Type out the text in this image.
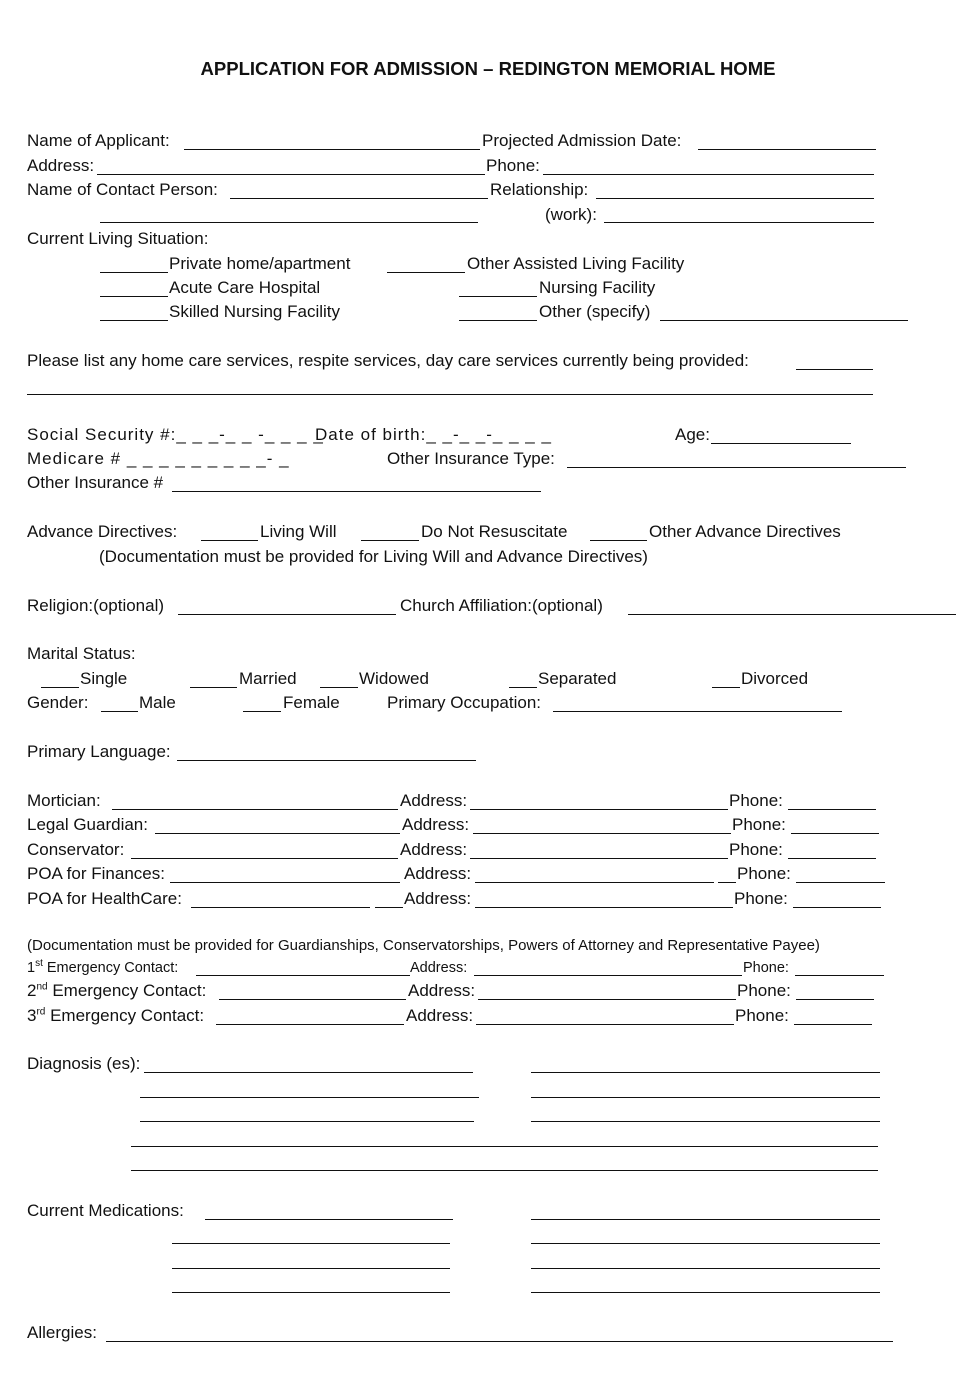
APPLICATION FOR ADMISSION – REDINGTON MEMORIAL HOME
Name of Applicant:	Projected Admission Date:
Address:	Phone:
Name of Contact Person:	Relationship:
(work):
Current Living Situation:
Private home/apartment	Other Assisted Living Facility
Acute Care Hospital	Nursing Facility
Skilled Nursing Facility	Other (specify)
Please list any home care services, respite services, day care services currently being provided:
Social Security #:_ _ _-_ _ -_ _ _ _
Date of birth:_ _-_ _-_ _ _ _	Age:
Medicare # _ _ _ _ _ _ _ _ _- _	Other Insurance Type:
Other Insurance #
Advance Directives:	Living Will	Do Not Resuscitate	Other Advance Directives
(Documentation must be provided for Living Will and Advance Directives)
Religion:(optional)	Church Affiliation:(optional)
Marital Status:
Single	Married	Widowed	Separated	Divorced
Gender:	Male	Female	Primary Occupation:
Primary Language:
Mortician:	Address:	Phone:
Legal Guardian:	Address:	Phone:
Conservator:	Address:	Phone:
POA for Finances:	Address:	Phone:
POA for HealthCare:	Address:	Phone:
(Documentation must be provided for Guardianships, Conservatorships, Powers of Attorney and Representative Payee)
1st Emergency Contact:	Address:	Phone:
2nd Emergency Contact:	Address:	Phone:
3rd Emergency Contact:	Address:	Phone:
Diagnosis (es):
Current Medications:
Allergies:
